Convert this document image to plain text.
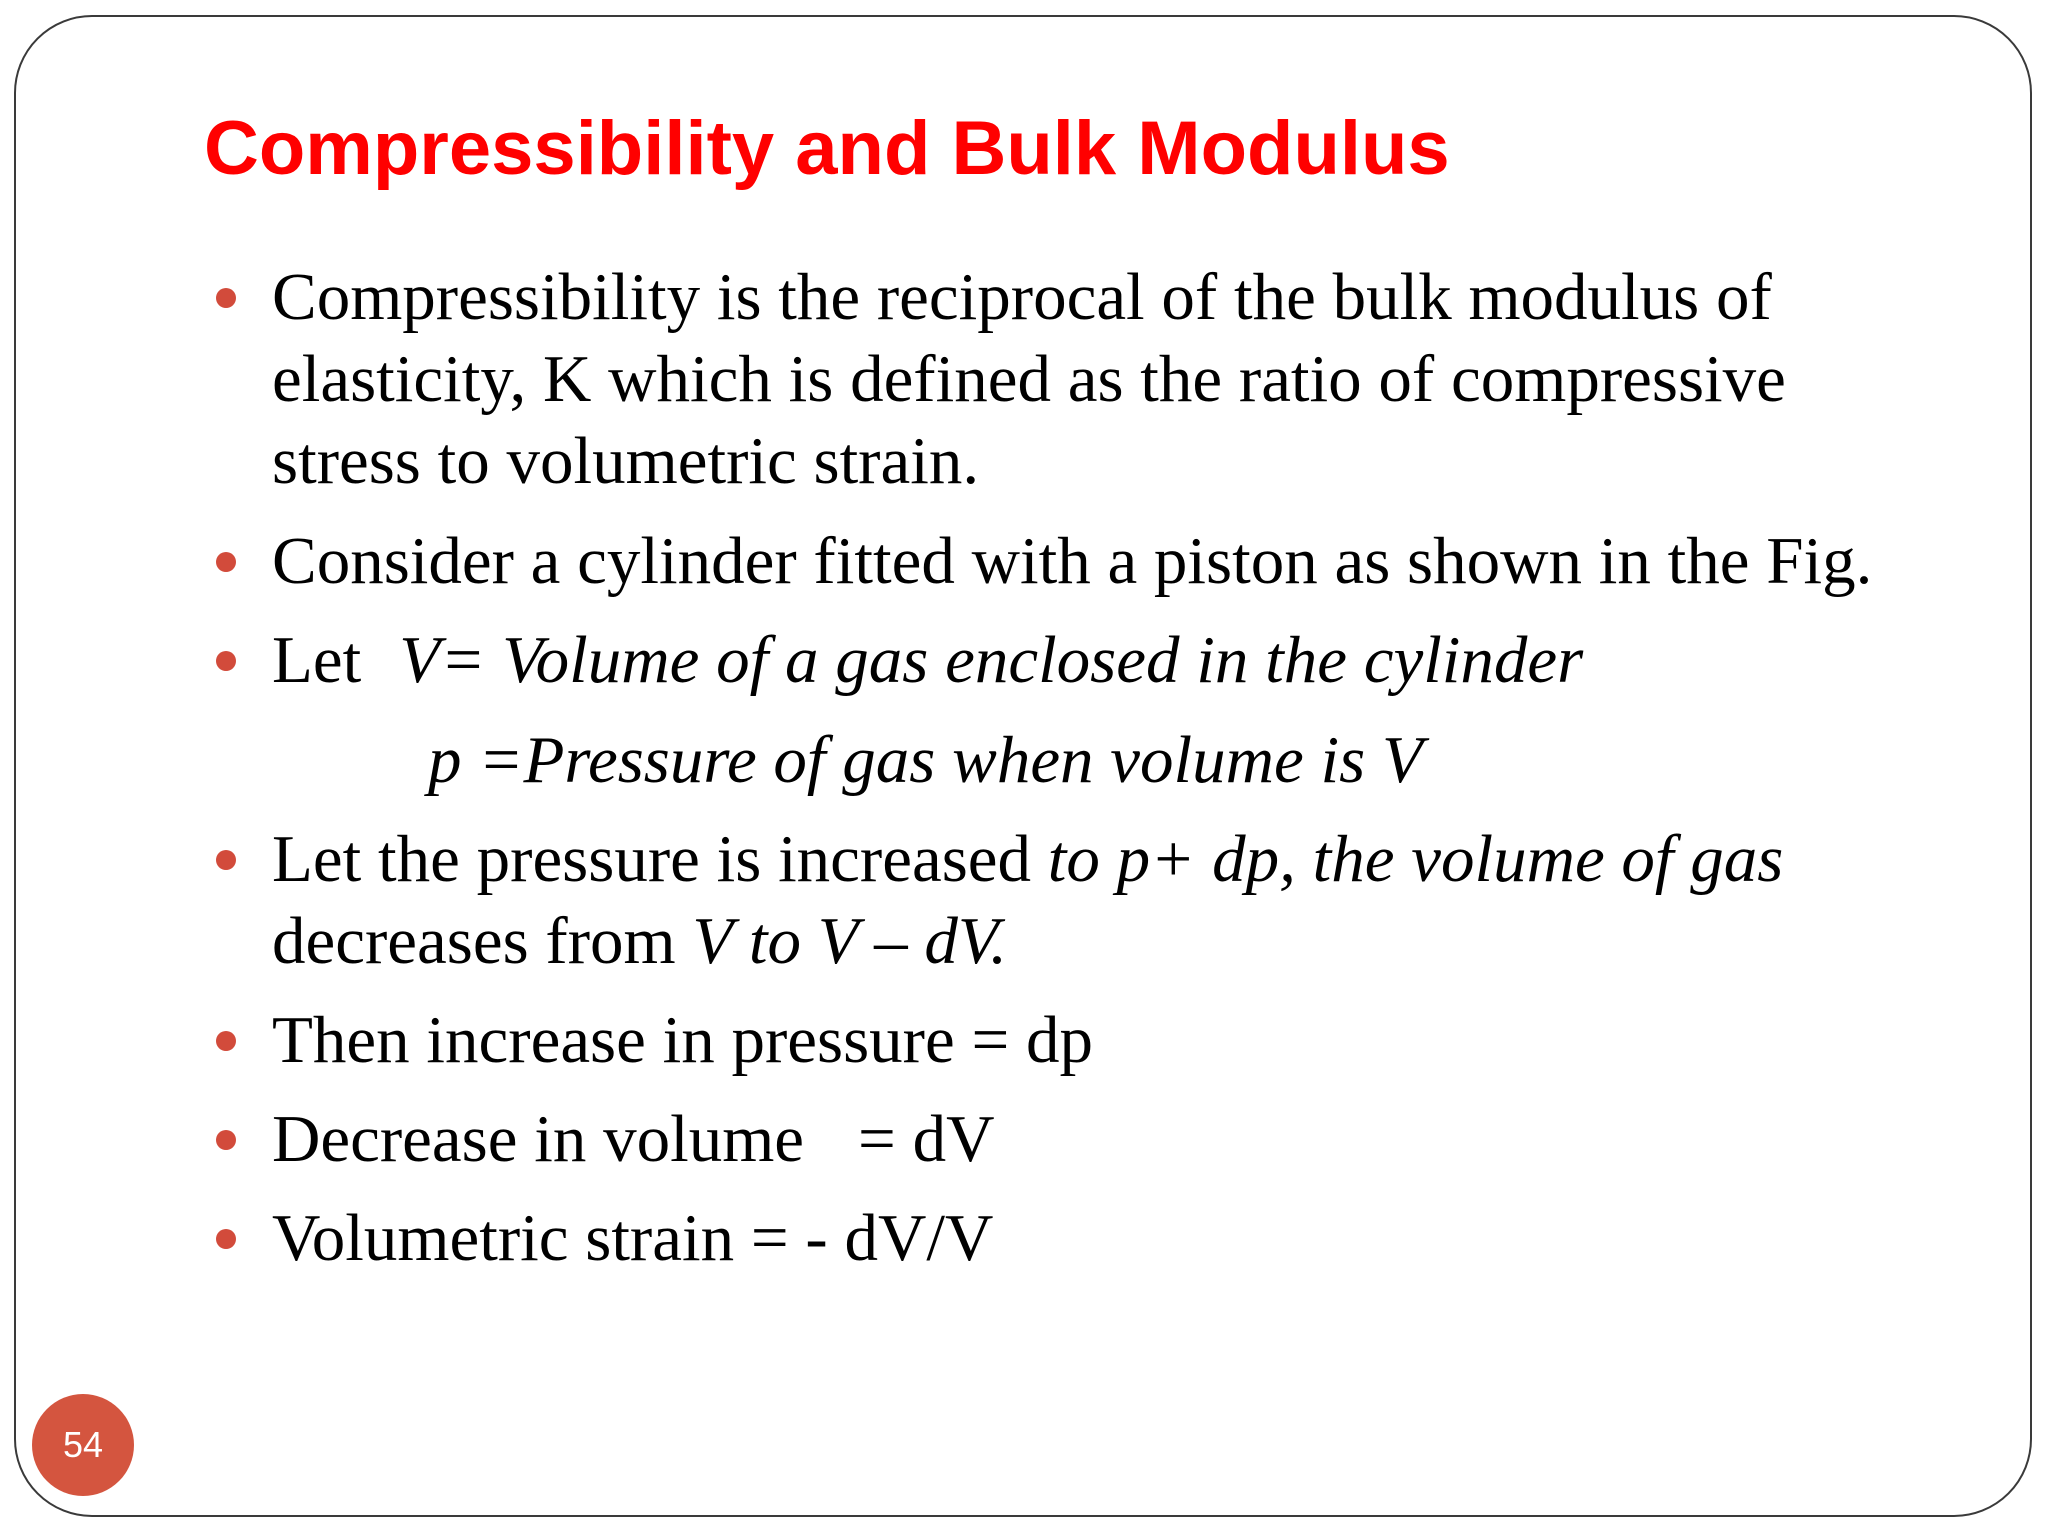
Compressibility and Bulk Modulus
Compressibility is the reciprocal of the bulk modulus of
elasticity, K which is defined as the ratio of compressive
stress to volumetric strain.
Consider a cylinder fitted with a piston as shown in the Fig.
Let V= Volume of a gas enclosed in the cylinder
p =Pressure of gas when volume is V
Let the pressure is increased to p+ dp, the volume of gas
decreases from V to V – dV.
Then increase in pressure = dp
Decrease in volume = dV
Volumetric strain = - dV/V
54
